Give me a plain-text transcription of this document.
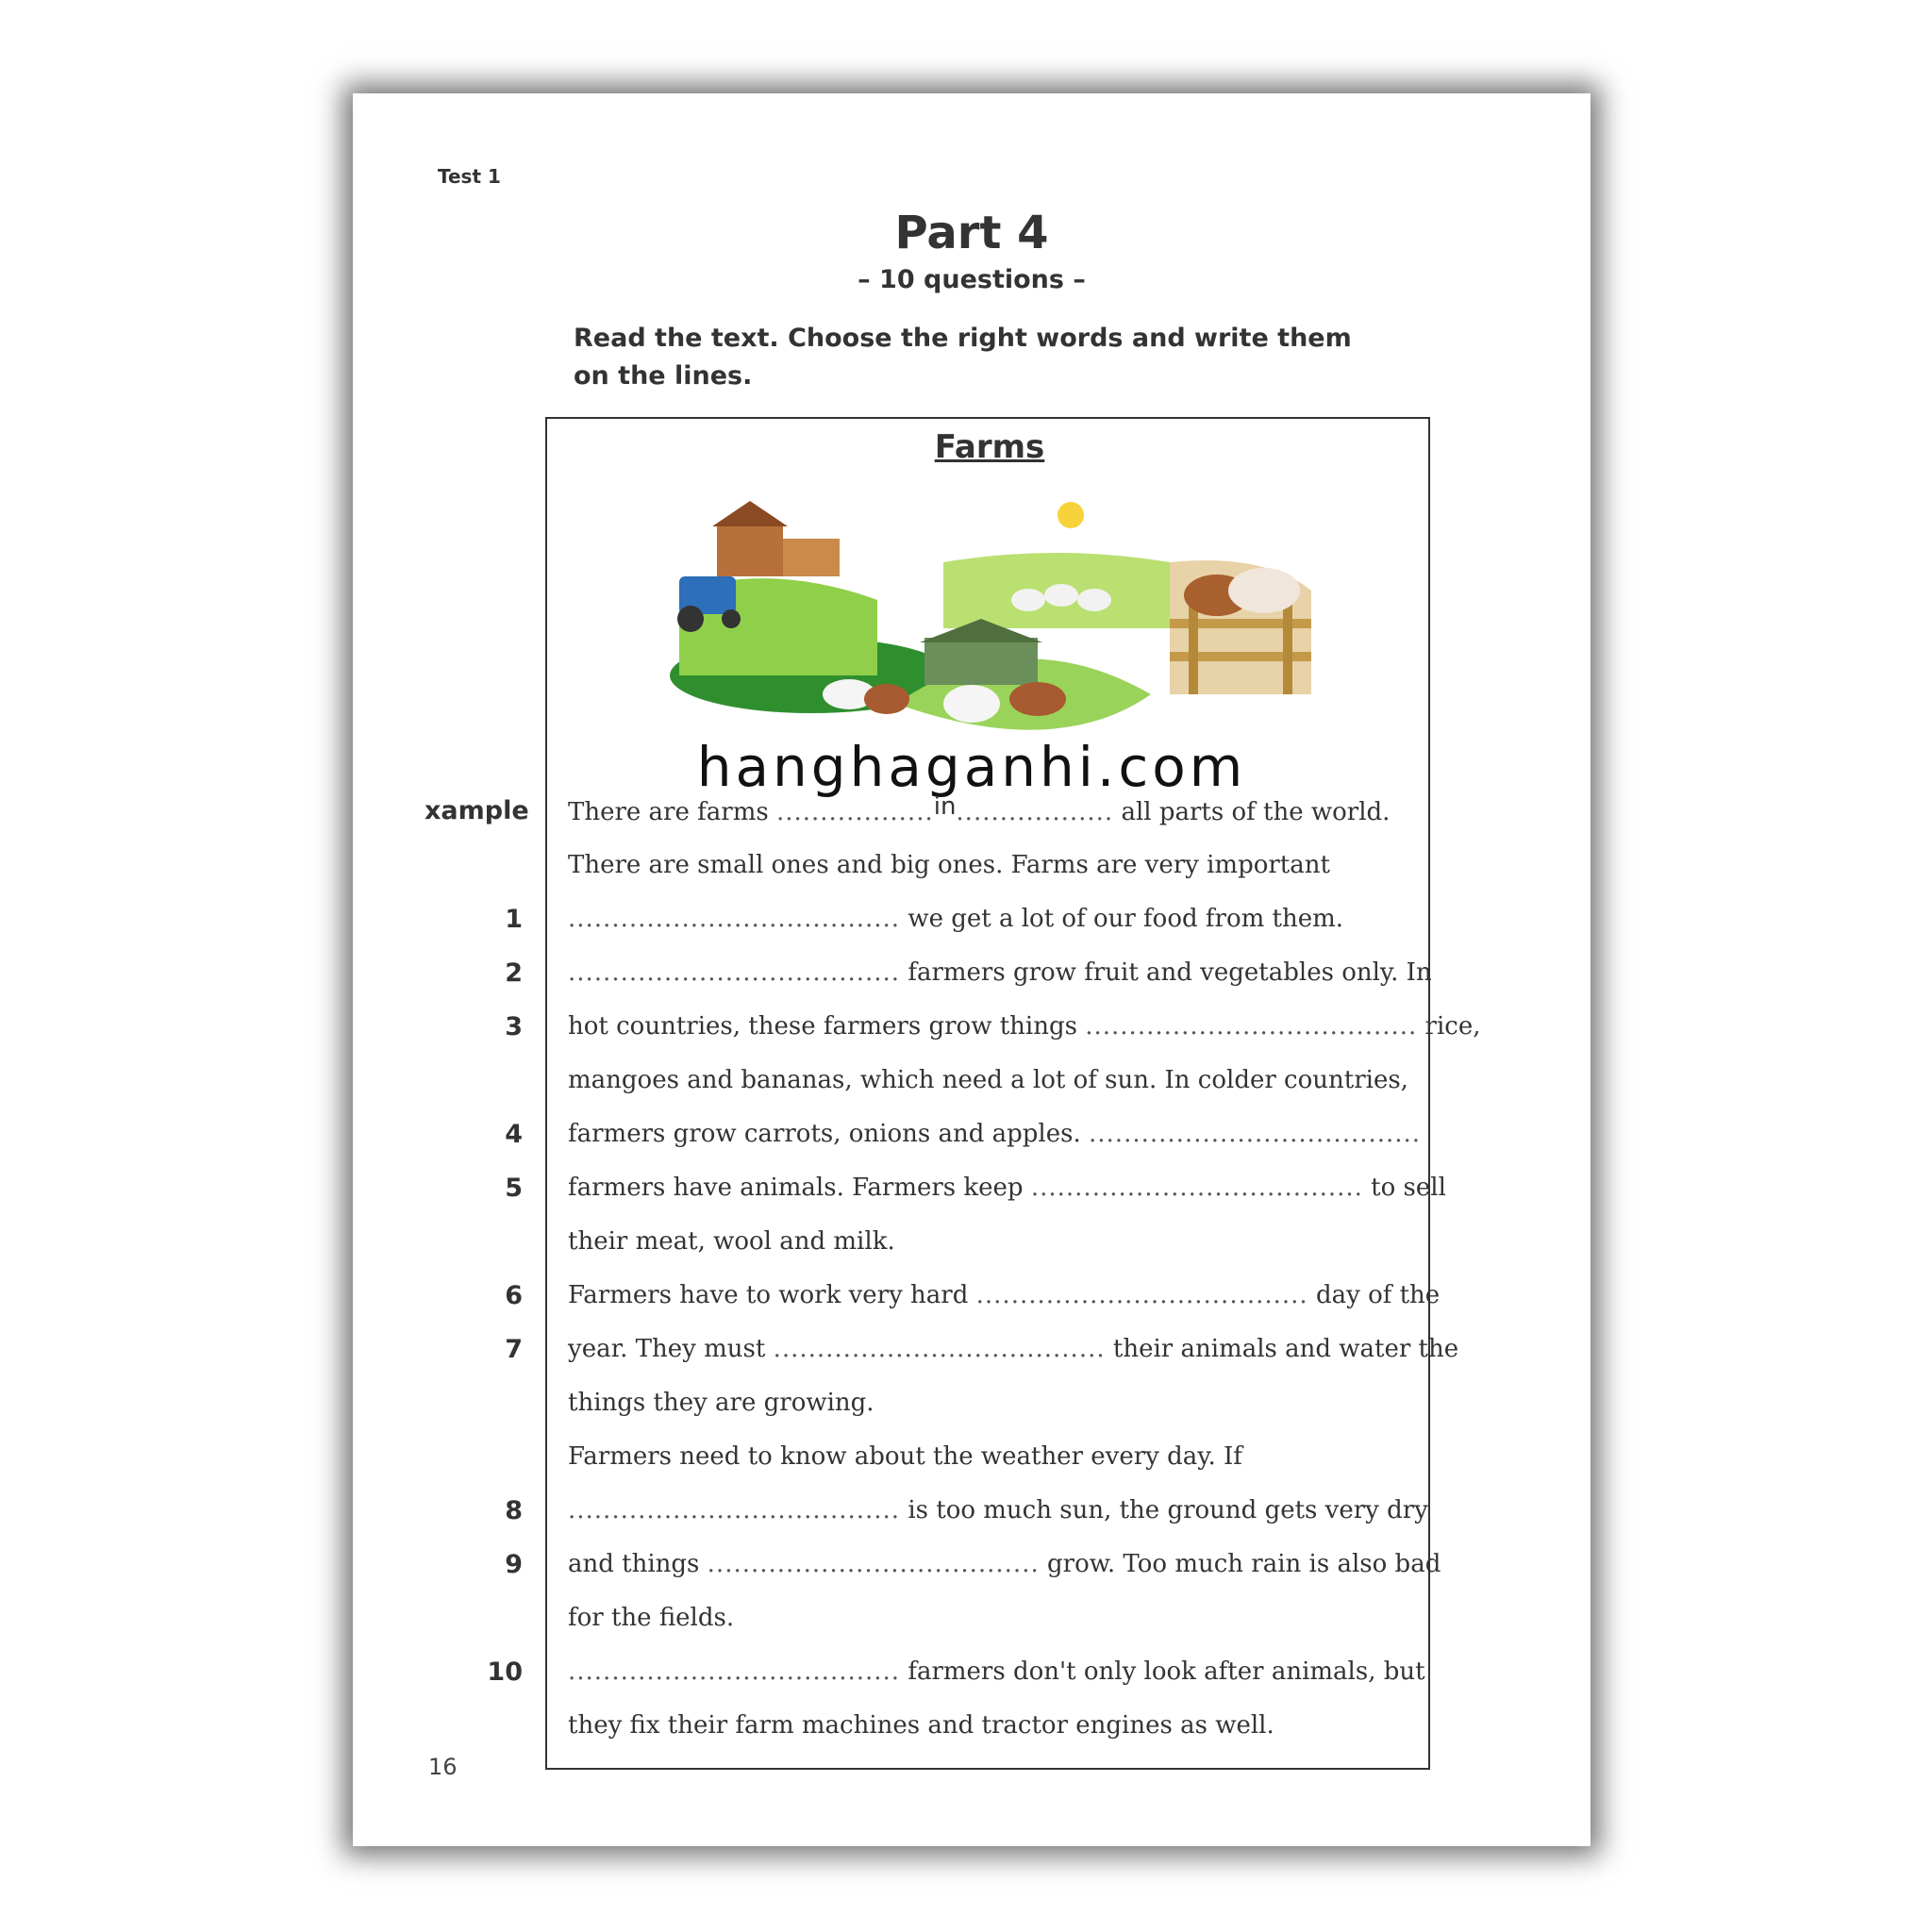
Test 1
Part 4
– 10 questions –
Read the text. Choose the right words and write them on the lines.
Farms
hanghaganhi.com
xample There are farms ..................in.................. all parts of the world.
There are small ones and big ones. Farms are very important
1 ...................................... we get a lot of our food from them.
2 ...................................... farmers grow fruit and vegetables only. In
3 hot countries, these farmers grow things ...................................... rice,
mangoes and bananas, which need a lot of sun. In colder countries,
4 farmers grow carrots, onions and apples. ......................................
5 farmers have animals. Farmers keep ...................................... to sell
their meat, wool and milk.
6 Farmers have to work very hard ...................................... day of the
7 year. They must ...................................... their animals and water the
things they are growing.
Farmers need to know about the weather every day. If
8 ...................................... is too much sun, the ground gets very dry
9 and things ...................................... grow. Too much rain is also bad
for the fields.
10 ...................................... farmers don't only look after animals, but
they fix their farm machines and tractor engines as well.
16
